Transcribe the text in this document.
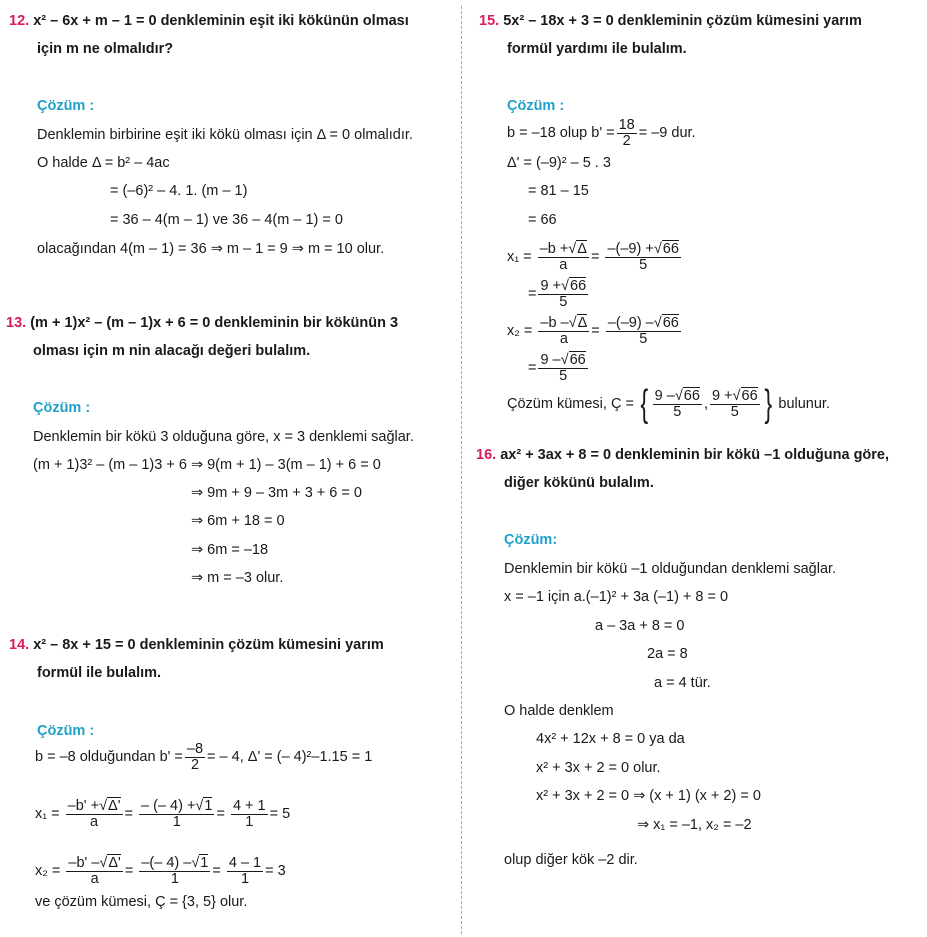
12. x² – 6x + m – 1 = 0 denkleminin eşit iki kökünün olması
için m ne olmalıdır?
Çözüm :
Denklemin birbirine eşit iki kökü olması için Δ = 0 olmalıdır.
O halde Δ = b² – 4ac
= (–6)² – 4. 1. (m – 1)
= 36 – 4(m – 1) ve 36 – 4(m – 1) = 0
olacağından 4(m – 1) = 36 ⇒ m – 1 = 9 ⇒ m = 10 olur.
13. (m + 1)x² – (m – 1)x + 6 = 0 denkleminin bir kökünün 3
olması için m nin alacağı değeri bulalım.
Çözüm :
Denklemin bir kökü 3 olduğuna göre, x = 3 denklemi sağlar.
(m + 1)3² – (m – 1)3 + 6 ⇒ 9(m + 1) – 3(m – 1) + 6 = 0
⇒ 9m + 9 – 3m + 3 + 6 = 0
⇒ 6m + 18 = 0
⇒ 6m = –18
⇒ m = –3 olur.
14. x² – 8x + 15 = 0 denkleminin çözüm kümesini yarım
formül ile bulalım.
Çözüm :
b = –8 olduğundan $b' = \frac{-8}{2}$ = – 4, Δ' = (– 4)²–1.15 = 1
$x_1 = \frac{-b' +√\Delta'}{a} = \frac{- (- 4) +√1}{1} = \frac{4 + 1}{1} = 5$
$x_2 = \frac{-b' -√\Delta'}{a} = \frac{-(- 4) -√1}{1} = \frac{4 - 1}{1} = 3$
ve çözüm kümesi, Ç = {3, 5} olur.
15. 5x² – 18x + 3 = 0 denkleminin çözüm kümesini yarım
formül yardımı ile bulalım.
Çözüm :
b = –18 olup $b' = \frac{18}{2} = -9$ dur.
Δ' = (–9)² – 5 . 3
= 81 – 15
= 66
$x_1 = \frac{-b +√\Delta}{a} = \frac{-(-9) +√66}{5}$
= $\frac{9 +√66}{5}$
$x_2 = \frac{-b -√\Delta}{a} = \frac{-(-9) -√66}{5}$
= $\frac{9 -√66}{5}$
Çözüm kümesi, Ç = { $\frac{9 -√66}{5}$ , $\frac{9 +√66}{5}$ } bulunur.
16. ax² + 3ax + 8 = 0 denkleminin bir kökü –1 olduğuna göre,
diğer kökünü bulalım.
Çözüm:
Denklemin bir kökü –1 olduğundan denklemi sağlar.
x = –1 için a.(–1)² + 3a (–1) + 8 = 0
a – 3a + 8 = 0
2a = 8
a = 4 tür.
O halde denklem
4x² + 12x + 8 = 0 ya da
x² + 3x + 2 = 0 olur.
x² + 3x + 2 = 0 ⇒ (x + 1) (x + 2) = 0
⇒ x₁ = –1, x₂ = –2
olup diğer kök –2 dir.
